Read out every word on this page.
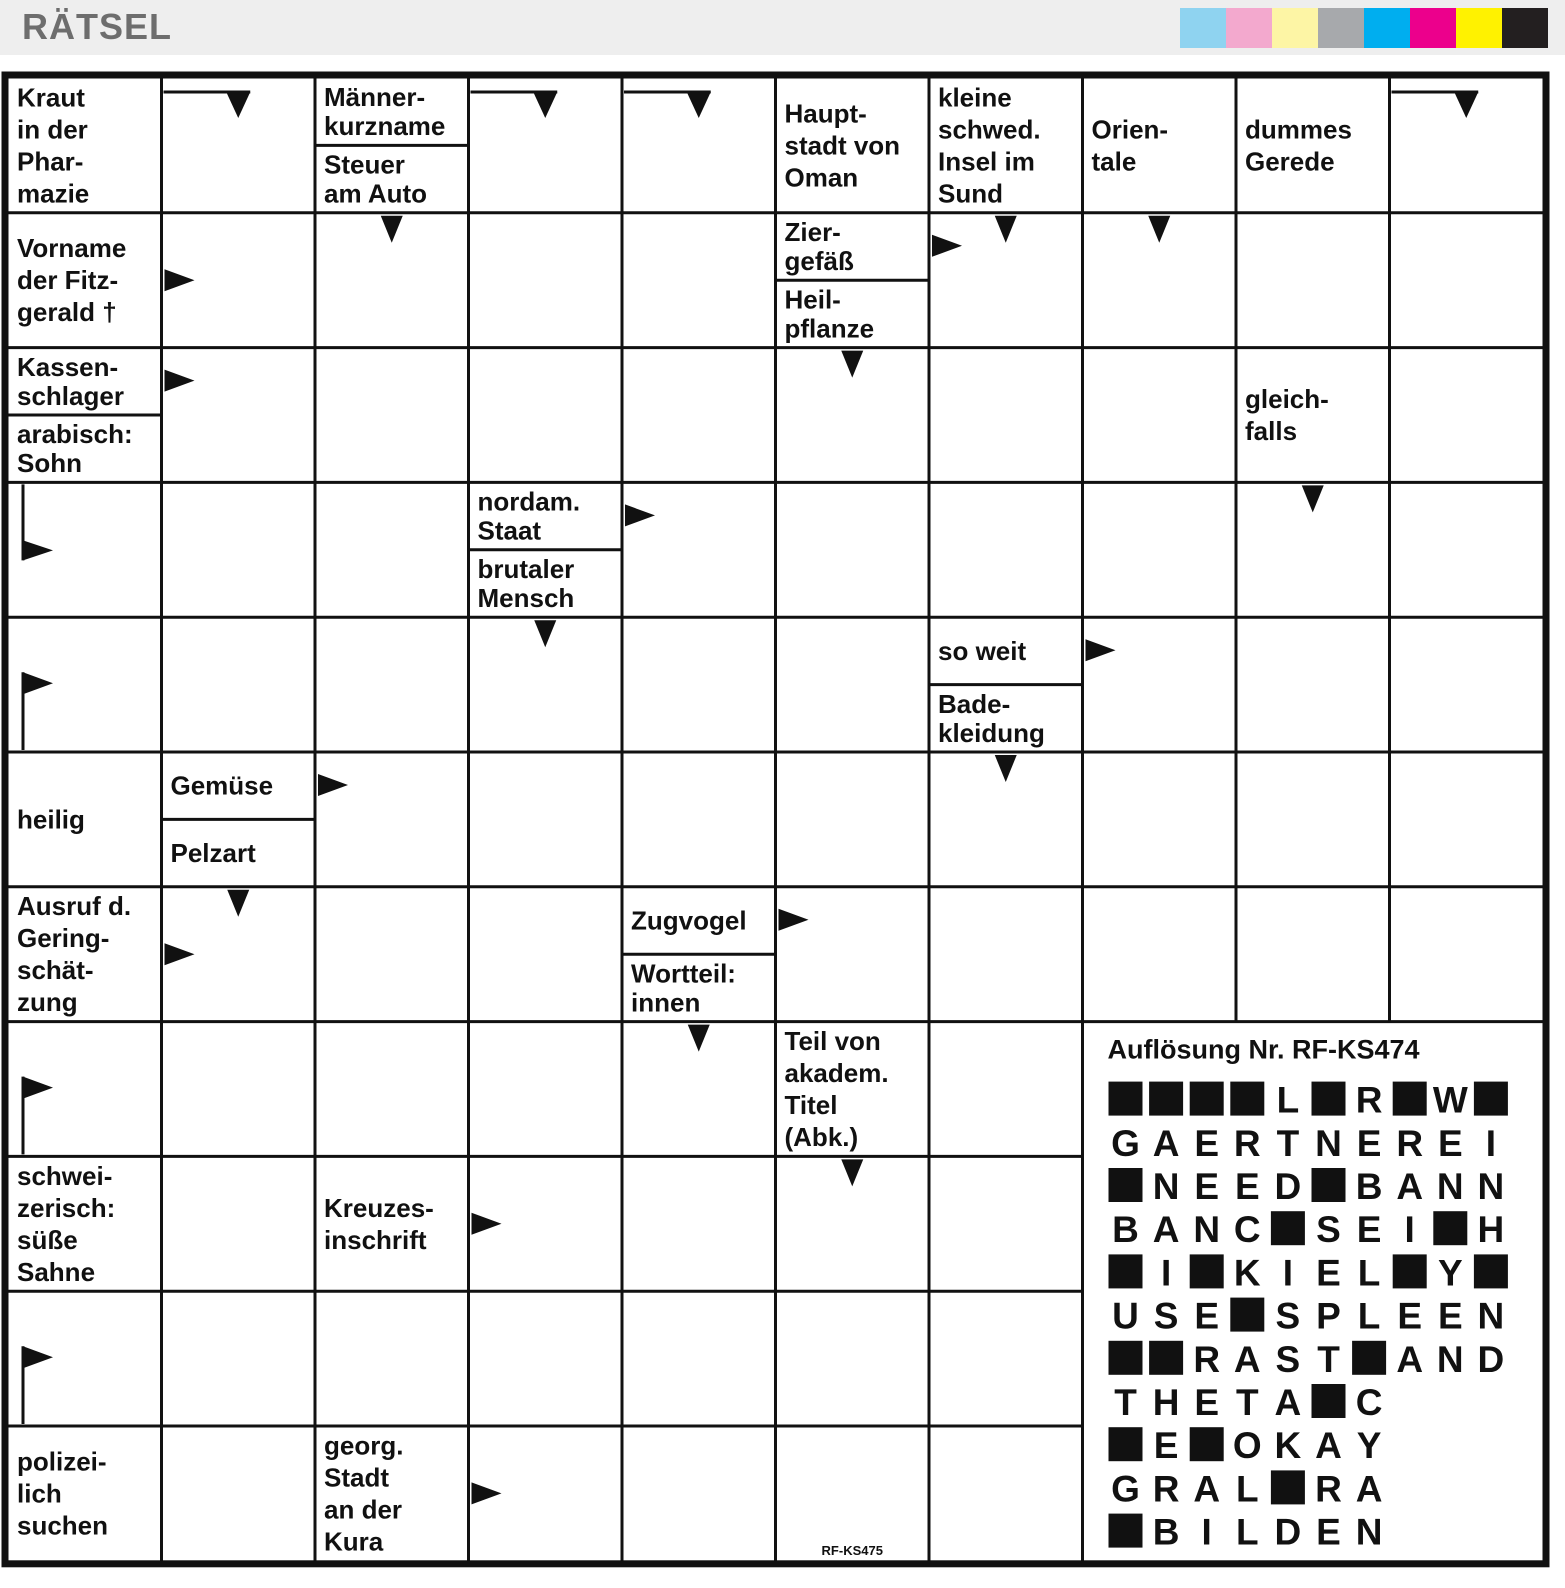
RÄTSEL
Kraut
in der
Phar-
mazie
Männer-
kurzname
Steuer
am Auto
Haupt-
stadt von
Oman
kleine
schwed.
Insel im
Sund
Orien-
tale
dummes
Gerede
Vorname
der Fitz-
gerald †
Zier-
gefäß
Heil-
pflanze
Kassen-
schlager
arabisch:
Sohn
gleich-
falls
nordam.
Staat
brutaler
Mensch
so weit
Bade-
kleidung
heilig
Gemüse
Pelzart
Ausruf d.
Gering-
schät-
zung
Zugvogel
Wortteil:
innen
Teil von
akadem.
Titel
(Abk.)
schwei-
zerisch:
süße
Sahne
Kreuzes-
inschrift
polizei-
lich
suchen
georg.
Stadt
an der
Kura
Auflösung Nr. RF-KS474
L R W
G A E R T N E R E I
N E E D B A N N
B A N C S E I H
I K I E L Y
U S E S P L E E N
R A S T A N D
T H E T A C
E O K A Y
G R A L R A
B I L D E N
RF-KS475
